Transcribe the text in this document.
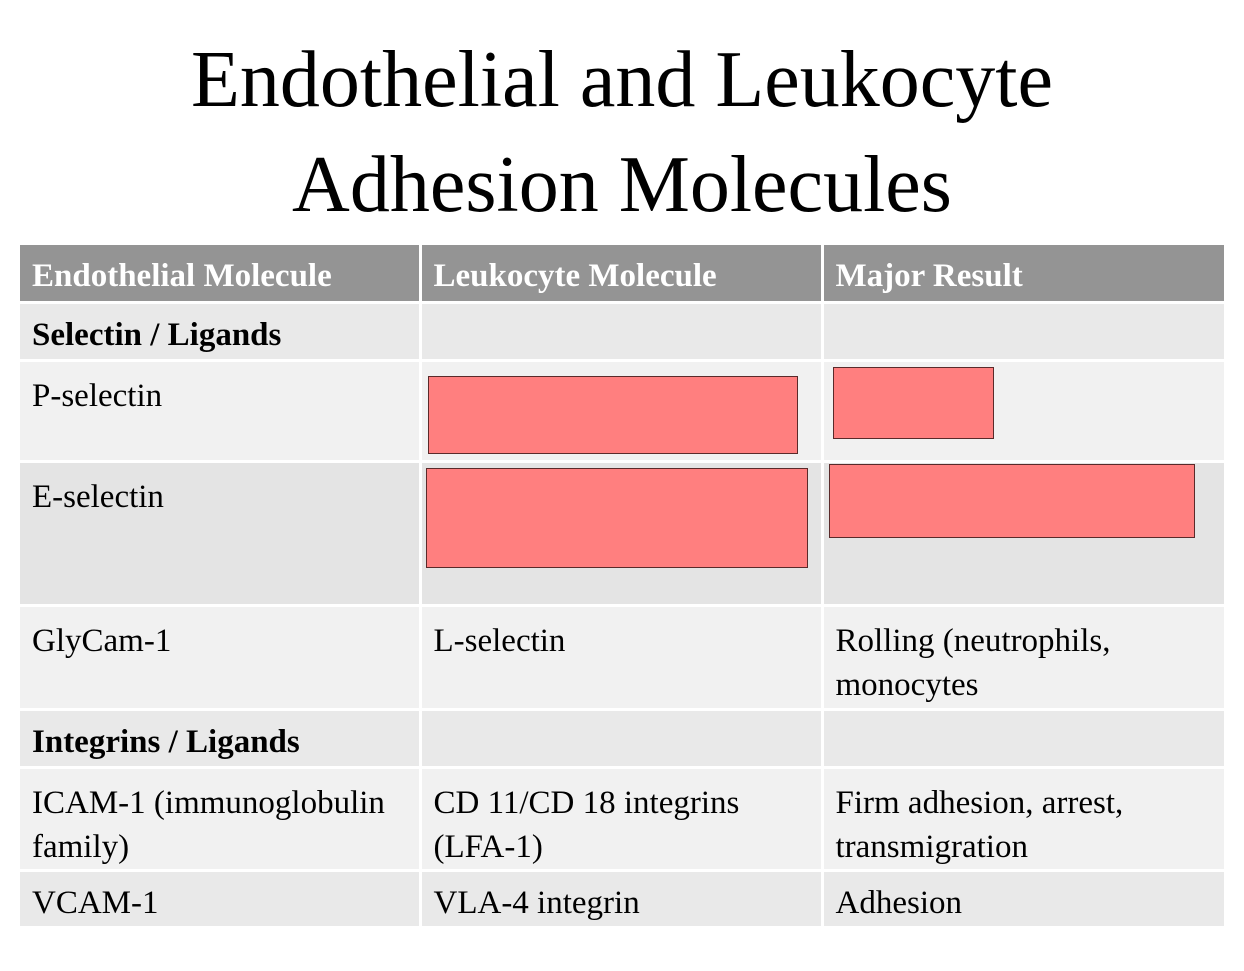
Endothelial and Leukocyte
Adhesion Molecules
Endothelial Molecule	Leukocyte Molecule	Major Result
Selectin / Ligands		
P-selectin	

E-selectin	

GlyCam-1	L-selectin	Rolling (neutrophils, monocytes
Integrins / Ligands		
ICAM-1 (immunoglobulin family)	CD 11/CD 18 integrins (LFA-1)	Firm adhesion, arrest, transmigration
VCAM-1	VLA-4 integrin	Adhesion
